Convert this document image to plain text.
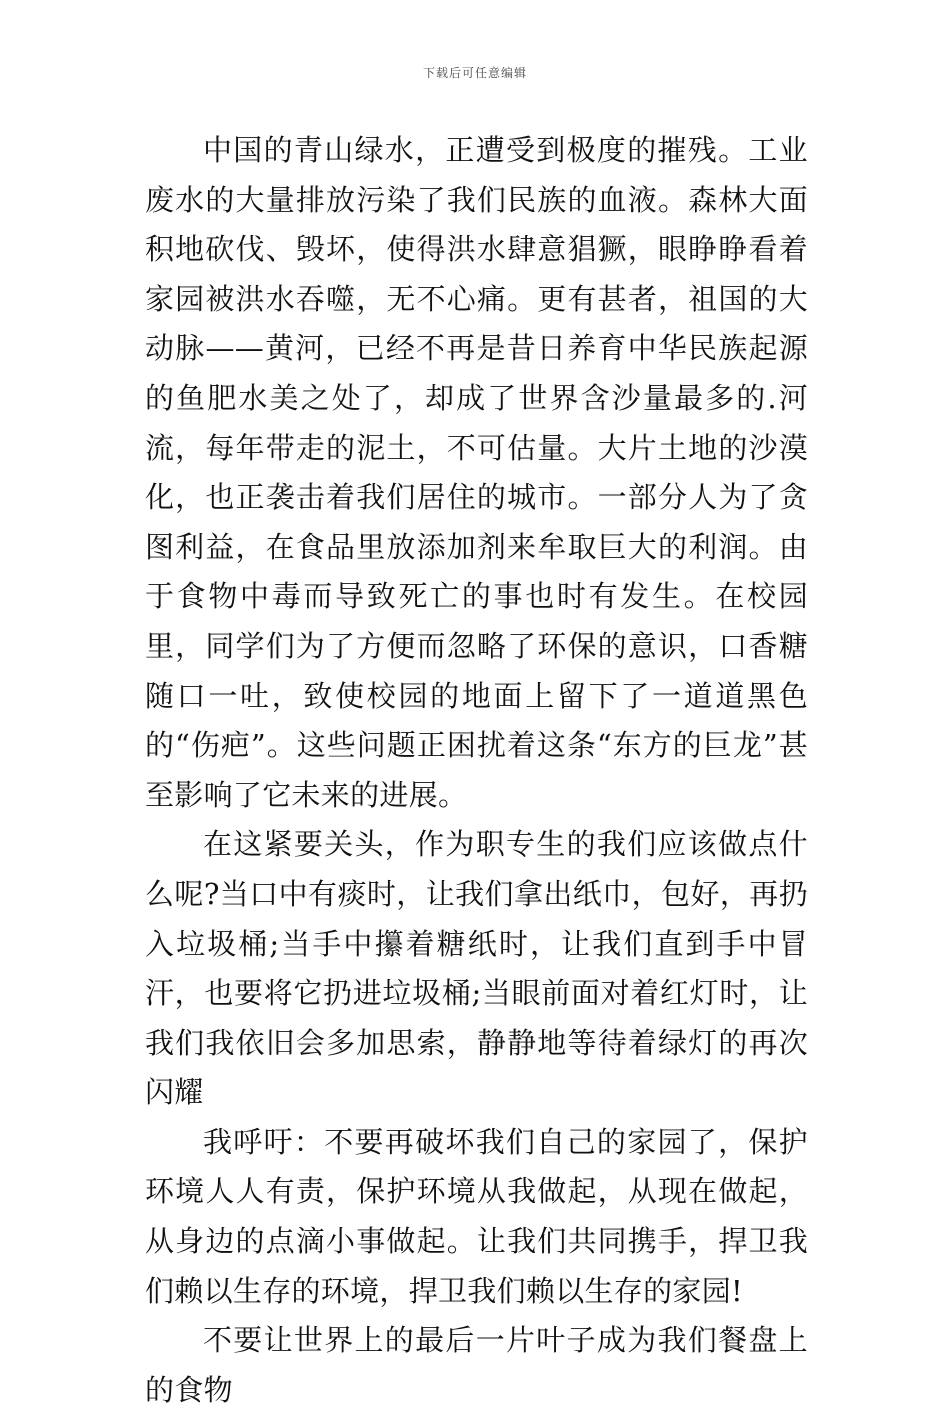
下载后可任意编辑

中国的青山绿水，正遭受到极度的摧残。工业废水的大量排放污染了我们民族的血液。森林大面积地砍伐、毁坏，使得洪水肆意猖獗，眼睁睁看着家园被洪水吞噬，无不心痛。更有甚者，祖国的大动脉——黄河，已经不再是昔日养育中华民族起源的鱼肥水美之处了，却成了世界含沙量最多的.河流，每年带走的泥土，不可估量。大片土地的沙漠化，也正袭击着我们居住的城市。一部分人为了贪图利益，在食品里放添加剂来牟取巨大的利润。由于食物中毒而导致死亡的事也时有发生。在校园里，同学们为了方便而忽略了环保的意识，口香糖随口一吐，致使校园的地面上留下了一道道黑色的“伤疤”。这些问题正困扰着这条“东方的巨龙”甚至影响了它未来的进展。

在这紧要关头，作为职专生的我们应该做点什么呢?当口中有痰时，让我们拿出纸巾，包好，再扔入垃圾桶;当手中攥着糖纸时，让我们直到手中冒汗，也要将它扔进垃圾桶;当眼前面对着红灯时，让我们我依旧会多加思索，静静地等待着绿灯的再次闪耀

我呼吁：不要再破坏我们自己的家园了，保护环境人人有责，保护环境从我做起，从现在做起，从身边的点滴小事做起。让我们共同携手，捍卫我们赖以生存的环境，捍卫我们赖以生存的家园!

不要让世界上的最后一片叶子成为我们餐盘上的食物
